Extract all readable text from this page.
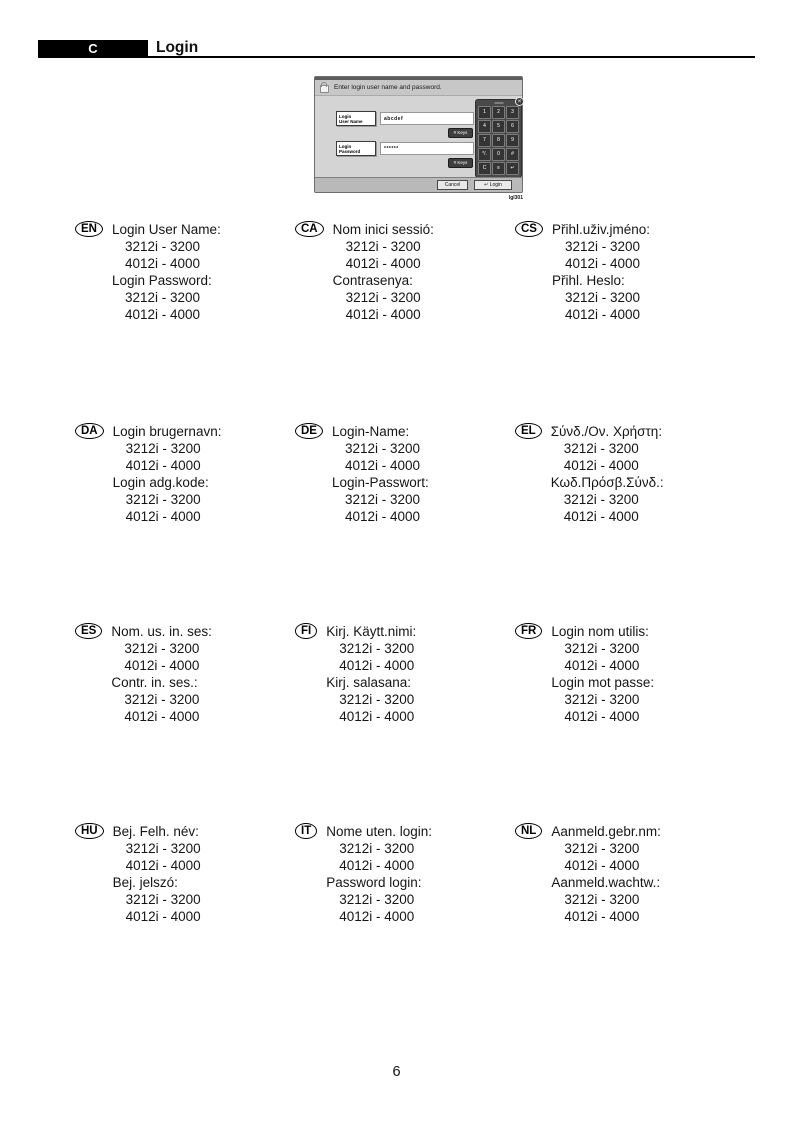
C	Login
Enter login user name and password.
Login
User Name	abcdef
# Keys
Login
Password	******
# Keys
×
1	2	3
4	5	6
7	8	9
*/.	0	#
C	≡	↵
Cancel	↵ Login
lgl301
EN	Login User Name:
3212i - 3200
4012i - 4000
Login Password:
3212i - 3200
4012i - 4000
CA	Nom inici sessió:
3212i - 3200
4012i - 4000
Contrasenya:
3212i - 3200
4012i - 4000
CS	Přihl.uživ.jméno:
3212i - 3200
4012i - 4000
Přihl. Heslo:
3212i - 3200
4012i - 4000
DA	Login brugernavn:
3212i - 3200
4012i - 4000
Login adg.kode:
3212i - 3200
4012i - 4000
DE	Login-Name:
3212i - 3200
4012i - 4000
Login-Passwort:
3212i - 3200
4012i - 4000
EL	Σύνδ./Ον. Χρήστη:
3212i - 3200
4012i - 4000
Κωδ.Πρόσβ.Σύνδ.:
3212i - 3200
4012i - 4000
ES	Nom. us. in. ses:
3212i - 3200
4012i - 4000
Contr. in. ses.:
3212i - 3200
4012i - 4000
FI	Kirj. Käytt.nimi:
3212i - 3200
4012i - 4000
Kirj. salasana:
3212i - 3200
4012i - 4000
FR	Login nom utilis:
3212i - 3200
4012i - 4000
Login mot passe:
3212i - 3200
4012i - 4000
HU	Bej. Felh. név:
3212i - 3200
4012i - 4000
Bej. jelszó:
3212i - 3200
4012i - 4000
IT	Nome uten. login:
3212i - 3200
4012i - 4000
Password login:
3212i - 3200
4012i - 4000
NL	Aanmeld.gebr.nm:
3212i - 3200
4012i - 4000
Aanmeld.wachtw.:
3212i - 3200
4012i - 4000
6
